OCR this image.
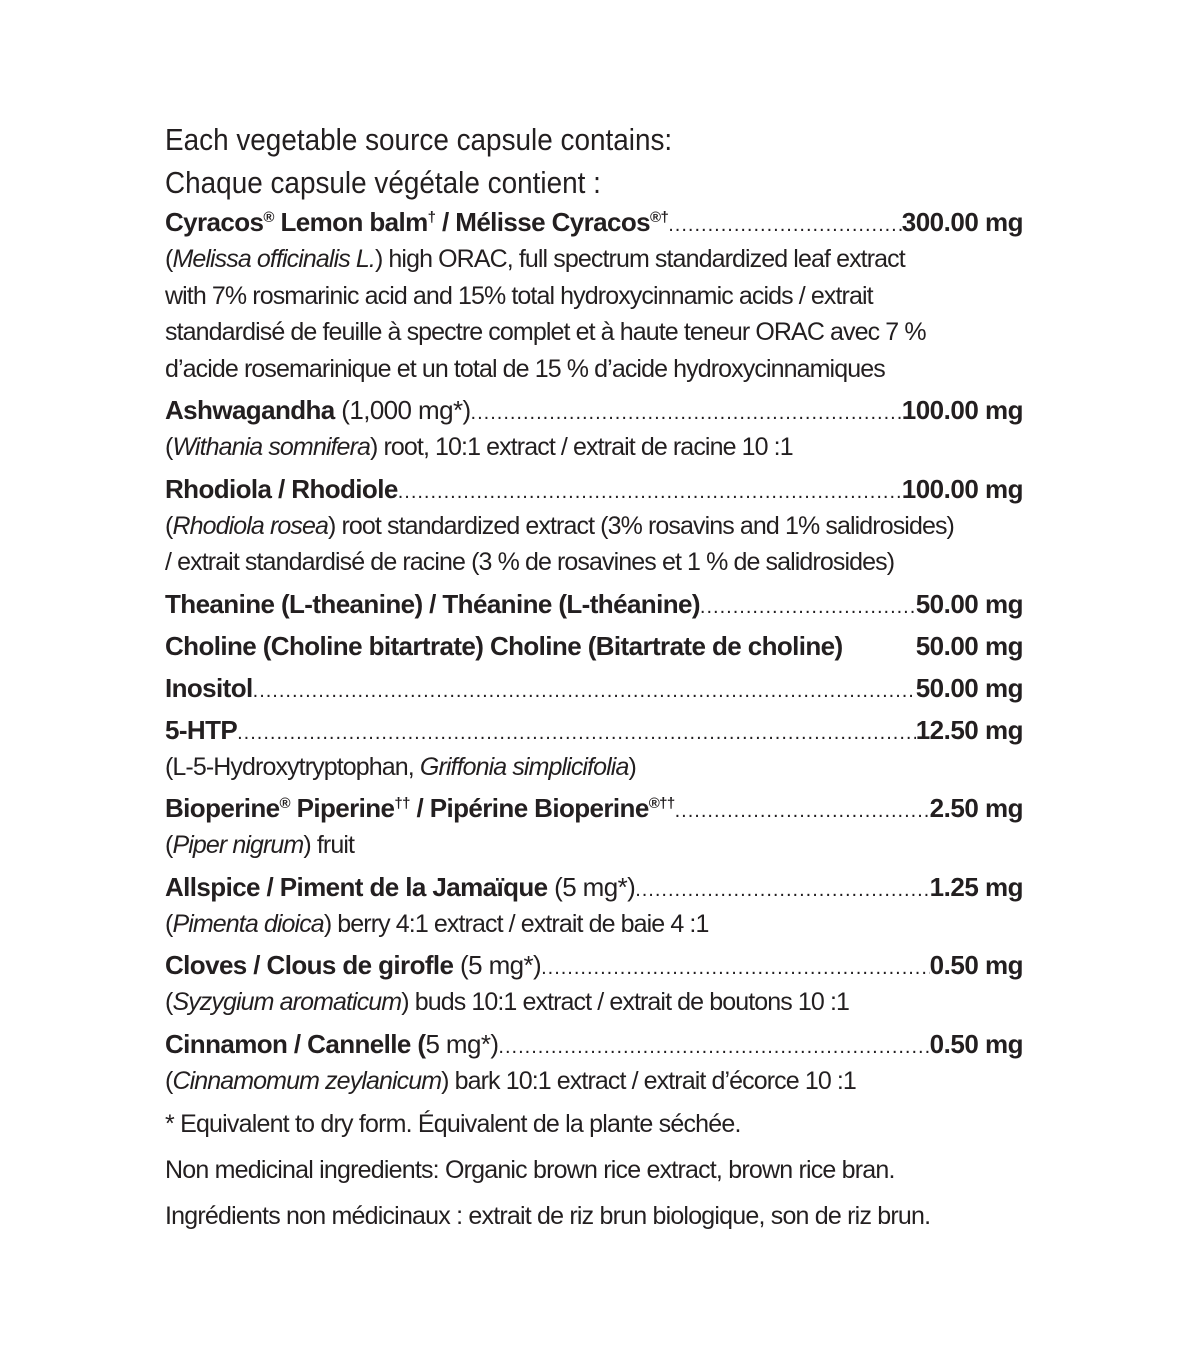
Each vegetable source capsule contains:
Chaque capsule végétale contient :
Cyracos® Lemon balm† / Mélisse Cyracos®† .....	300.00 mg
(Melissa officinalis L.) high ORAC, full spectrum standardized leaf extract
with 7% rosmarinic acid and 15% total hydroxycinnamic acids / extrait
standardisé de feuille à spectre complet et à haute teneur ORAC avec 7 %
d’acide rosemarinique et un total de 15 % d’acide hydroxycinnamiques
Ashwagandha (1,000 mg*) .....	100.00 mg
(Withania somnifera) root, 10:1 extract / extrait de racine 10 :1
Rhodiola / Rhodiole .....	100.00 mg
(Rhodiola rosea) root standardized extract (3% rosavins and 1% salidrosides)
/ extrait standardisé de racine (3 % de rosavines et 1 % de salidrosides)
Theanine (L-theanine) / Théanine (L-théanine) .....	50.00 mg
Choline (Choline bitartrate) Choline (Bitartrate de choline)	50.00 mg
Inositol .....	50.00 mg
5-HTP .....	12.50 mg
(L-5-Hydroxytryptophan, Griffonia simplicifolia)
Bioperine® Piperine†† / Pipérine Bioperine®†† .....	2.50 mg
(Piper nigrum) fruit
Allspice / Piment de la Jamaïque (5 mg*) .....	1.25 mg
(Pimenta dioica) berry 4:1 extract / extrait de baie 4 :1
Cloves / Clous de girofle (5 mg*) .....	0.50 mg
(Syzygium aromaticum) buds 10:1 extract / extrait de boutons 10 :1
Cinnamon / Cannelle (5 mg*) .....	0.50 mg
(Cinnamomum zeylanicum) bark 10:1 extract / extrait d’écorce 10 :1
* Equivalent to dry form. Équivalent de la plante séchée.
Non medicinal ingredients: Organic brown rice extract, brown rice bran.
Ingrédients non médicinaux : extrait de riz brun biologique, son de riz brun.
